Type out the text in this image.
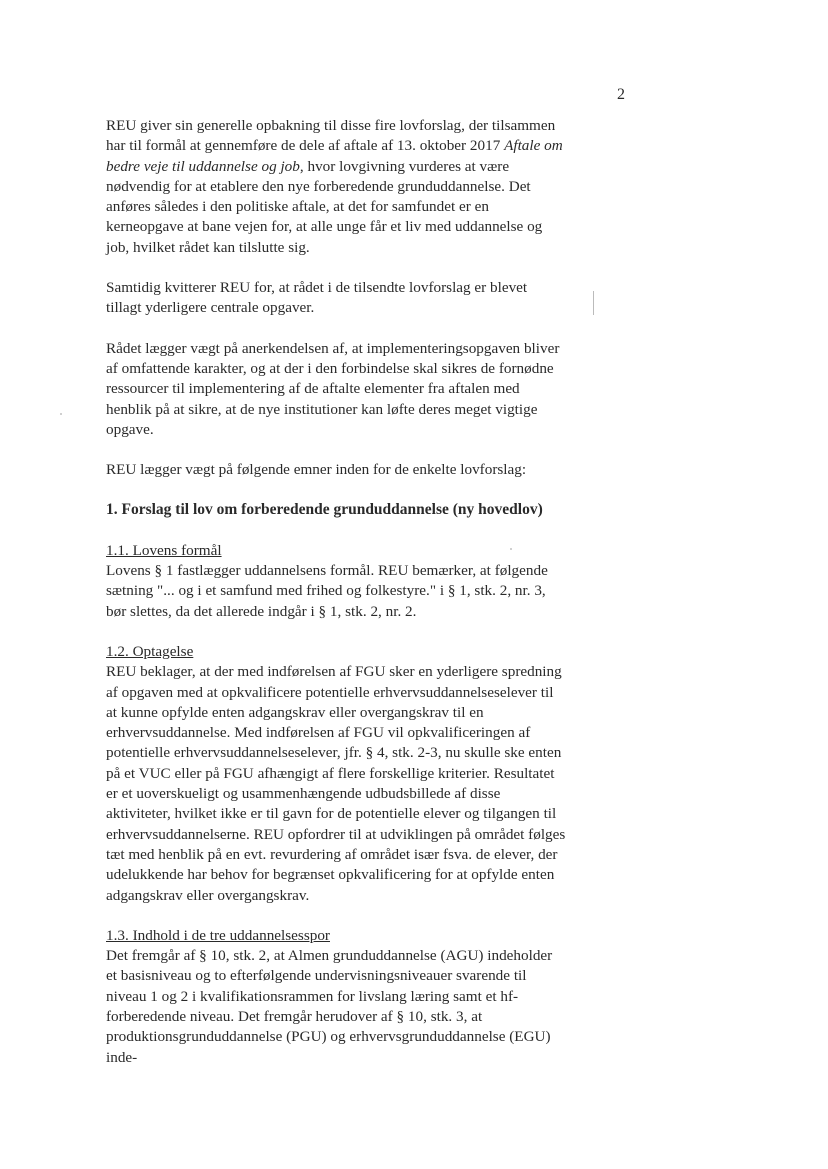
2

REU giver sin generelle opbakning til disse fire lovforslag, der tilsammen har til formål at gennemføre de dele af aftale af 13. oktober 2017 Aftale om bedre veje til uddannelse og job, hvor lovgivning vurderes at være nødvendig for at etablere den nye forberedende grunduddannelse. Det anføres således i den politiske aftale, at det for samfundet er en kerneopgave at bane vejen for, at alle unge får et liv med uddannelse og job, hvilket rådet kan tilslutte sig.

Samtidig kvitterer REU for, at rådet i de tilsendte lovforslag er blevet tillagt yderligere centrale opgaver.

Rådet lægger vægt på anerkendelsen af, at implementeringsopgaven bliver af omfattende karakter, og at der i den forbindelse skal sikres de fornødne ressourcer til implementering af de aftalte elementer fra aftalen med henblik på at sikre, at de nye institutioner kan løfte deres meget vigtige opgave.

REU lægger vægt på følgende emner inden for de enkelte lovforslag:

1. Forslag til lov om forberedende grunduddannelse (ny hovedlov)

1.1. Lovens formål

Lovens § 1 fastlægger uddannelsens formål. REU bemærker, at følgende sætning "... og i et samfund med frihed og folkestyre." i § 1, stk. 2, nr. 3, bør slettes, da det allerede indgår i § 1, stk. 2, nr. 2.

1.2. Optagelse

REU beklager, at der med indførelsen af FGU sker en yderligere spredning af opgaven med at opkvalificere potentielle erhvervsuddannelseselever til at kunne opfylde enten adgangskrav eller overgangskrav til en erhvervsuddannelse. Med indførelsen af FGU vil opkvalificeringen af potentielle erhvervsuddannelseselever, jfr. § 4, stk. 2-3, nu skulle ske enten på et VUC eller på FGU afhængigt af flere forskellige kriterier. Resultatet er et uoverskueligt og usammenhængende udbudsbillede af disse aktiviteter, hvilket ikke er til gavn for de potentielle elever og tilgangen til erhvervsuddannelserne. REU opfordrer til at udviklingen på området følges tæt med henblik på en evt. revurdering af området især fsva. de elever, der udelukkende har behov for begrænset opkvalificering for at opfylde enten adgangskrav eller overgangskrav.

1.3. Indhold i de tre uddannelsesspor

Det fremgår af § 10, stk. 2, at Almen grunduddannelse (AGU) indeholder et basisniveau og to efterfølgende undervisningsniveauer svarende til niveau 1 og 2 i kvalifikationsrammen for livslang læring samt et hf-forberedende niveau. Det fremgår herudover af § 10, stk. 3, at produktionsgrunduddannelse (PGU) og erhvervsgrunduddannelse (EGU) inde-
